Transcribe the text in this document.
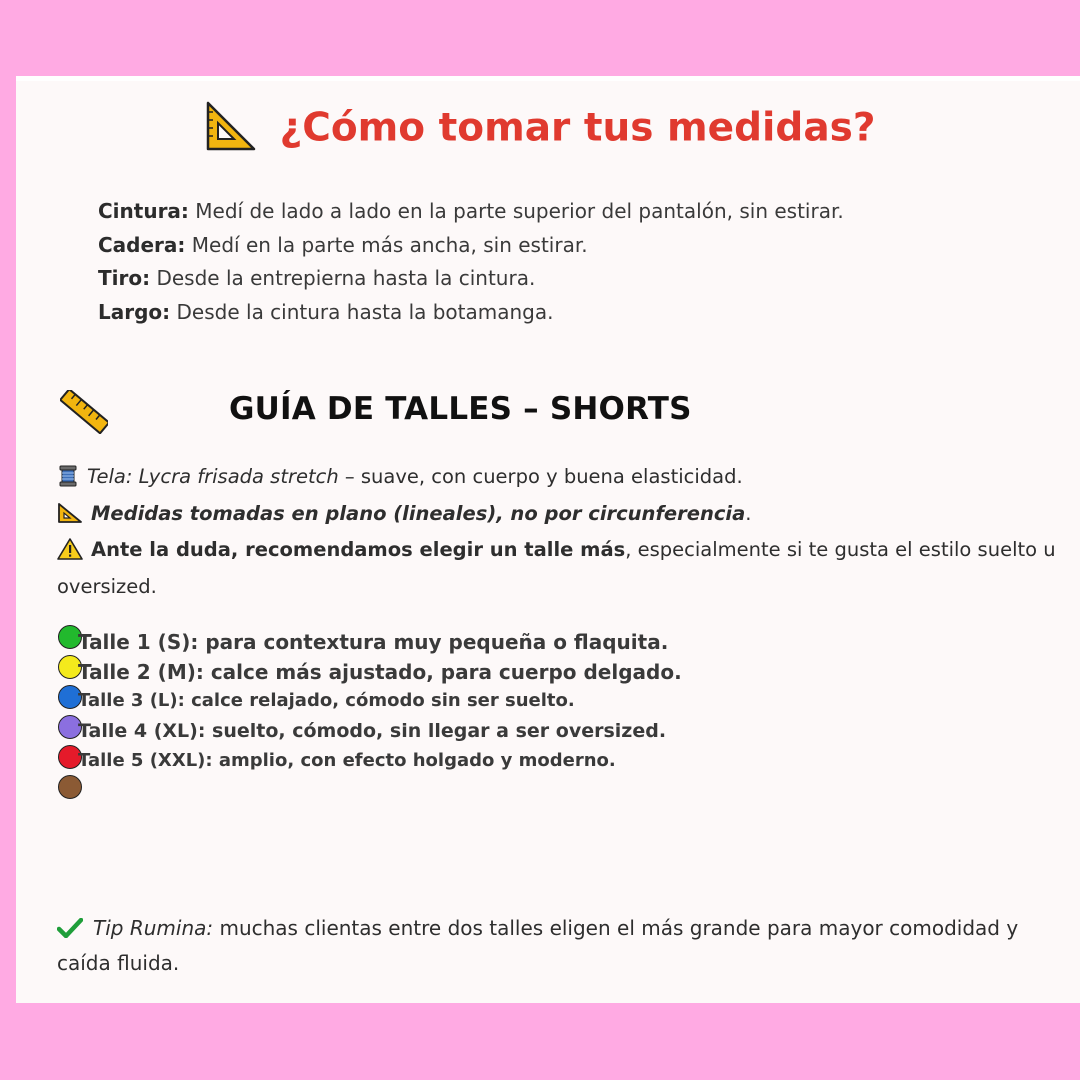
¿Cómo tomar tus medidas?
Cintura: Medí de lado a lado en la parte superior del pantalón, sin estirar.
Cadera: Medí en la parte más ancha, sin estirar.
Tiro: Desde la entrepierna hasta la cintura.
Largo: Desde la cintura hasta la botamanga.
GUÍA DE TALLES – SHORTS
Tela: Lycra frisada stretch – suave, con cuerpo y buena elasticidad.
Medidas tomadas en plano (lineales), no por circunferencia.
Ante la duda, recomendamos elegir un talle más, especialmente si te gusta el estilo suelto u oversized.
Talle 1 (S): para contextura muy pequeña o flaquita.
Talle 2 (M): calce más ajustado, para cuerpo delgado.
Talle 3 (L): calce relajado, cómodo sin ser suelto.
Talle 4 (XL): suelto, cómodo, sin llegar a ser oversized.
Talle 5 (XXL): amplio, con efecto holgado y moderno.
Tip Rumina: muchas clientas entre dos talles eligen el más grande para mayor comodidad y caída fluida.
